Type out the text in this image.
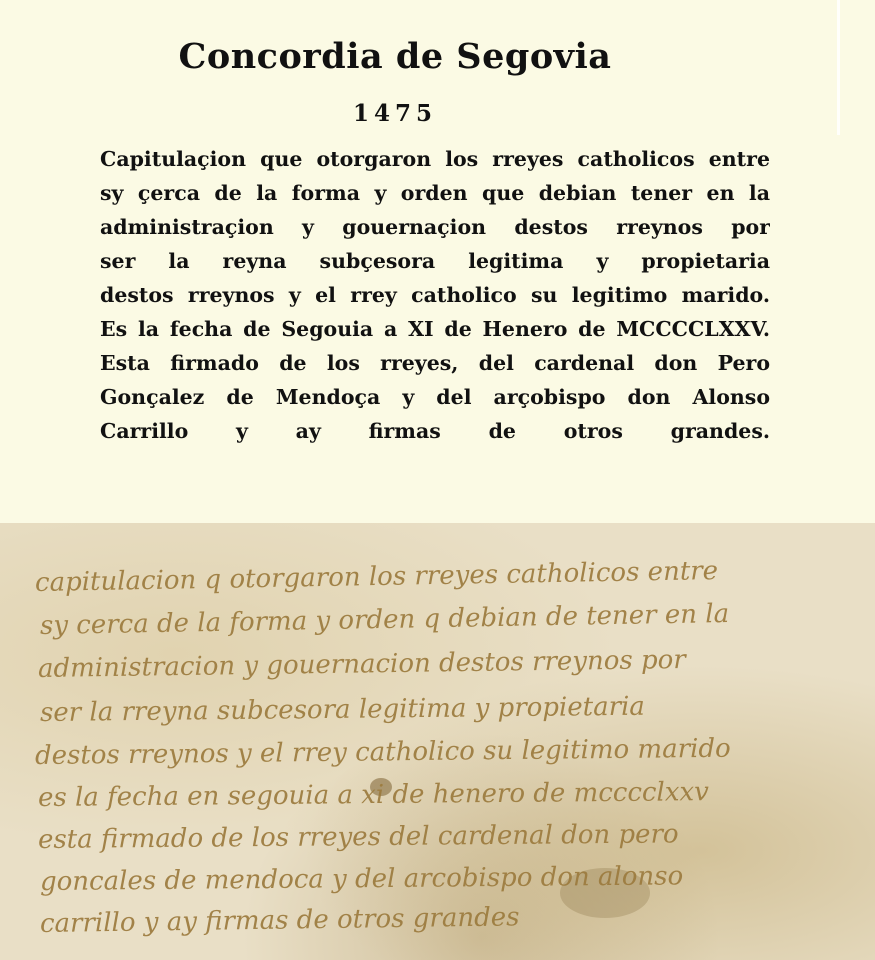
Concordia de Segovia
1475
Capitulaçion que otorgaron los rreyes catholicos entre
sy çerca de la forma y orden que debian tener en la
administraçion y gouernaçion destos rreynos por
ser la reyna subçesora legitima y propietaria
destos rreynos y el rrey catholico su legitimo marido.
Es la fecha de Segouia a XI de Henero de MCCCCLXXV.
Esta firmado de los rreyes, del cardenal don Pero
Gonçalez de Mendoça y del arçobispo don Alonso
Carrillo y ay firmas de otros grandes.
capitulacion q otorgaron los rreyes catholicos entre
sy cerca de la forma y orden q debian de tener en la
administracion y gouernacion destos rreynos por
ser la rreyna subcesora legitima y propietaria
destos rreynos y el rrey catholico su legitimo marido
es la fecha en segouia a xi de henero de mcccclxxv
esta firmado de los rreyes del cardenal don pero
goncales de mendoca y del arcobispo don alonso
carrillo y ay firmas de otros grandes
